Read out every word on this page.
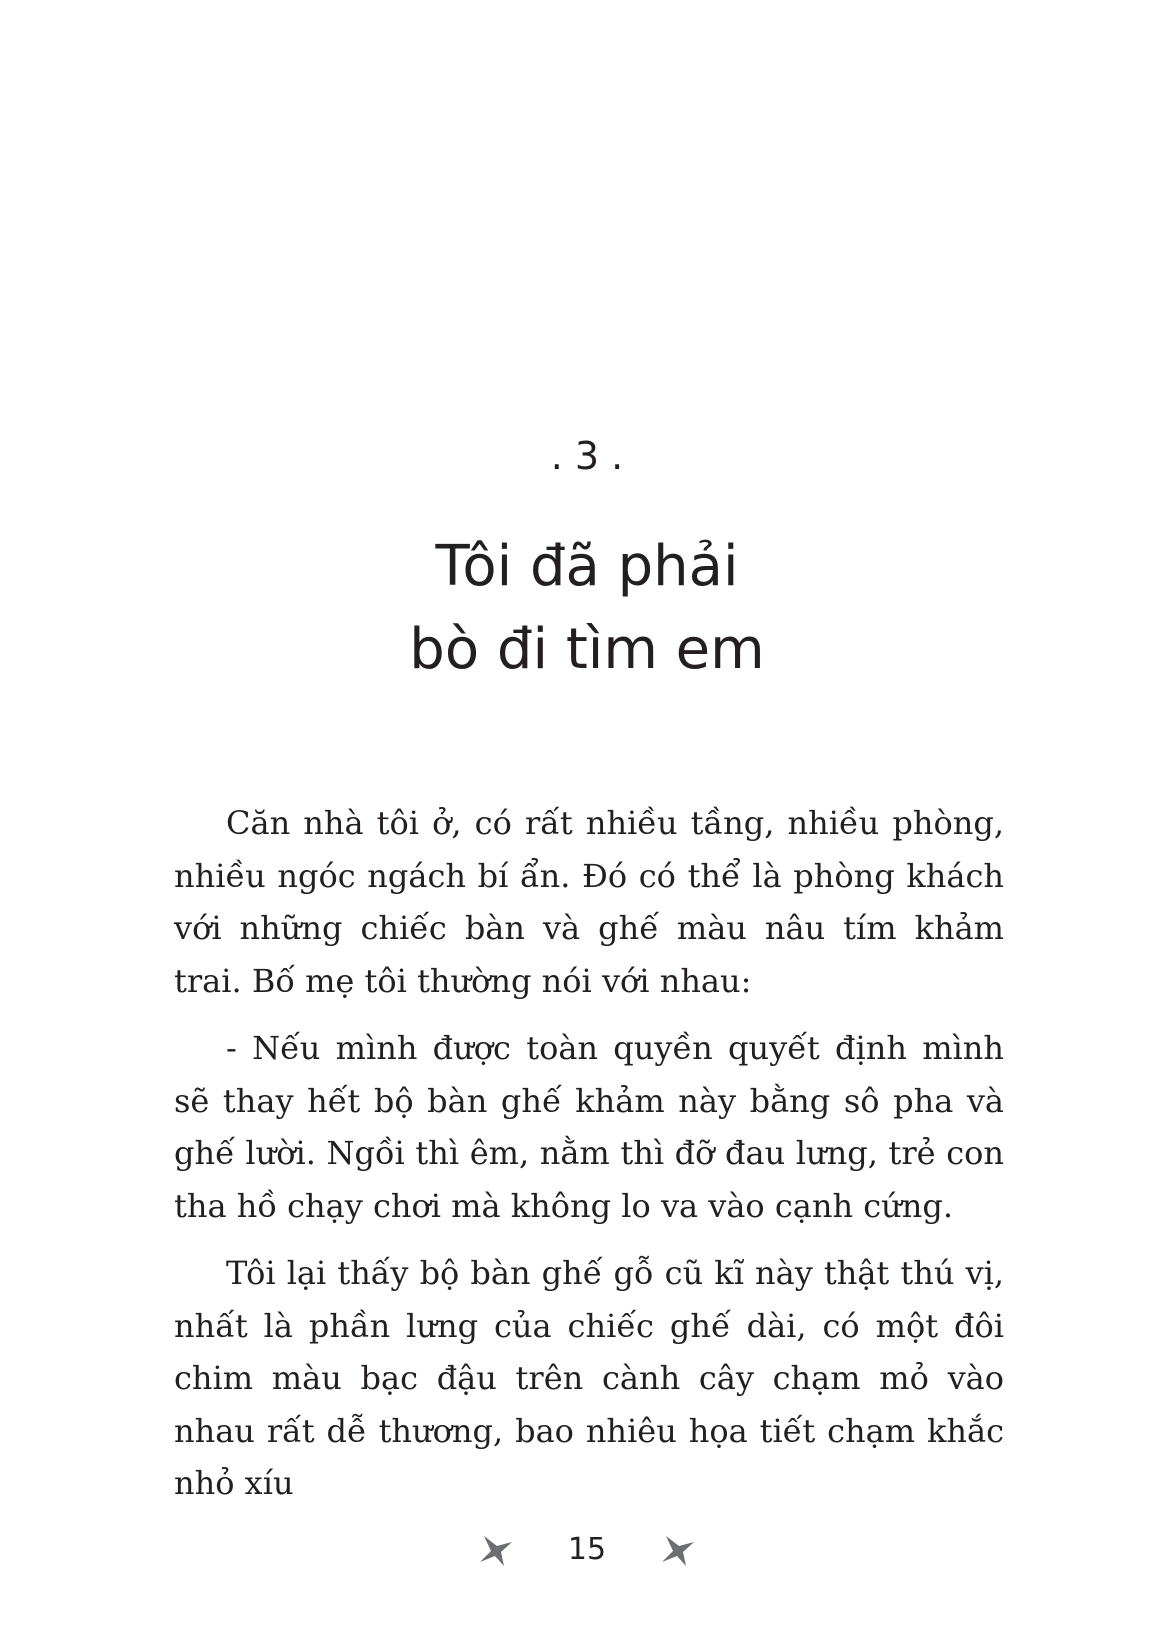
. 3 .
Tôi đã phải
bò đi tìm em

Căn nhà tôi ở, có rất nhiều tầng, nhiều phòng, nhiều ngóc ngách bí ẩn. Đó có thể là phòng khách với những chiếc bàn và ghế màu nâu tím khảm trai. Bố mẹ tôi thường nói với nhau:

- Nếu mình được toàn quyền quyết định mình sẽ thay hết bộ bàn ghế khảm này bằng sô pha và ghế lười. Ngồi thì êm, nằm thì đỡ đau lưng, trẻ con tha hồ chạy chơi mà không lo va vào cạnh cứng.

Tôi lại thấy bộ bàn ghế gỗ cũ kĩ này thật thú vị, nhất là phần lưng của chiếc ghế dài, có một đôi chim màu bạc đậu trên cành cây chạm mỏ vào nhau rất dễ thương, bao nhiêu họa tiết chạm khắc nhỏ xíu

15
